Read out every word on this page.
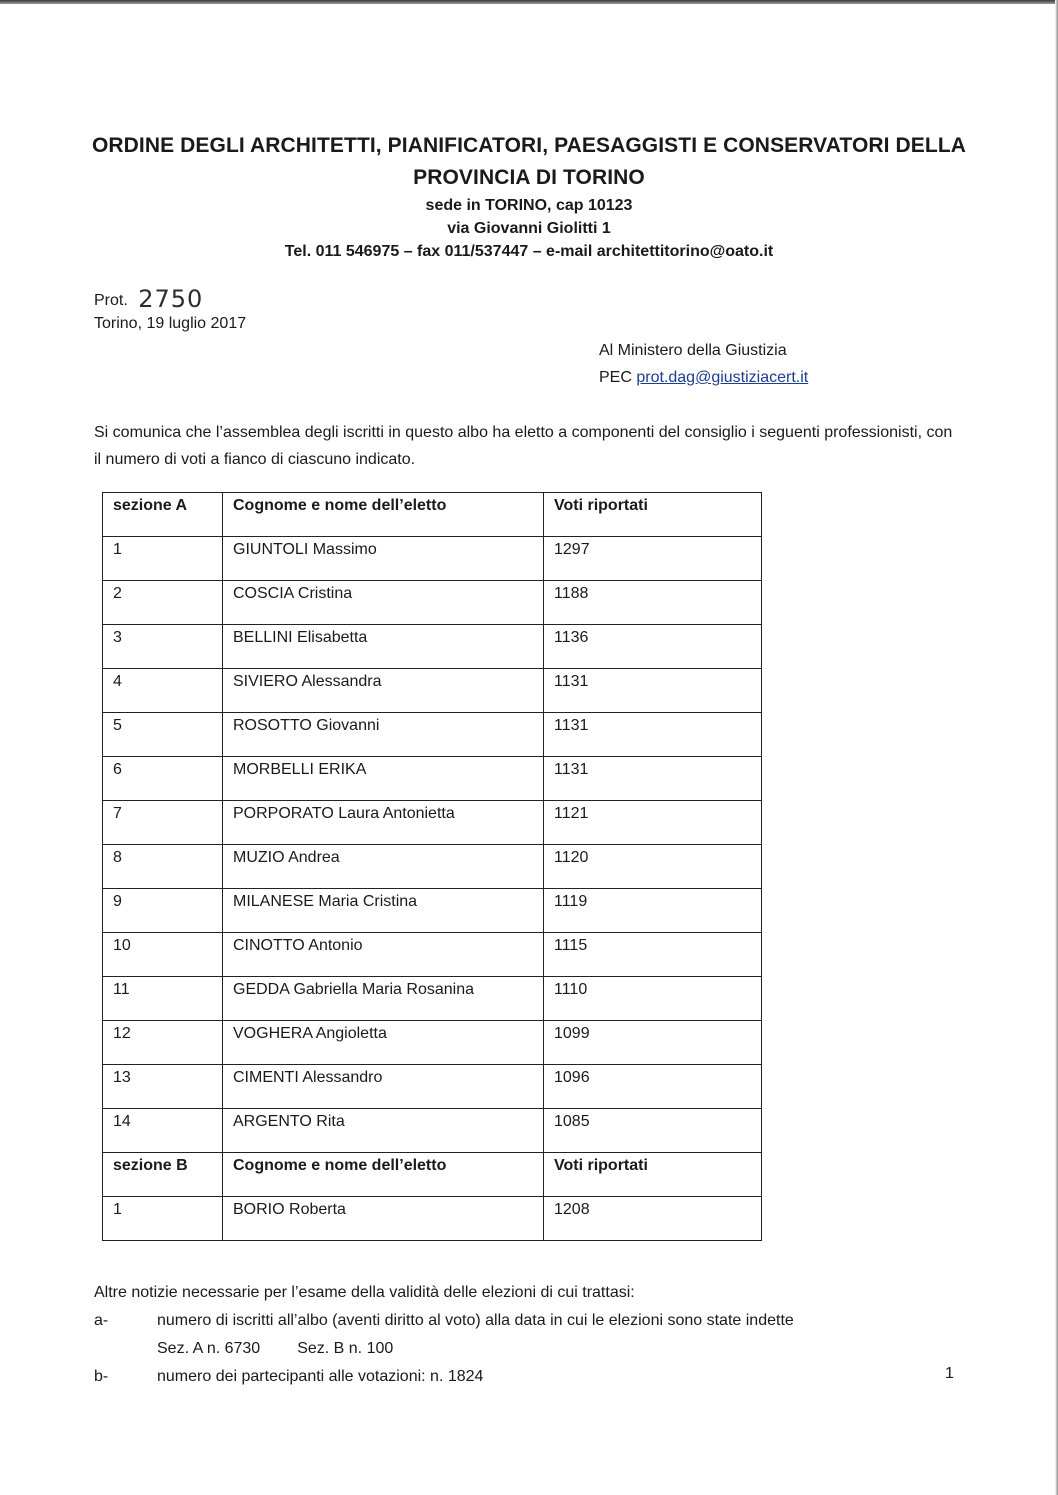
ORDINE DEGLI ARCHITETTI, PIANIFICATORI, PAESAGGISTI E CONSERVATORI DELLA

PROVINCIA DI TORINO

sede in TORINO, cap 10123

via Giovanni Giolitti 1

Tel. 011 546975 – fax 011/537447 – e-mail architettitorino@oato.it

Prot. 2750
Torino, 19 luglio 2017
Al Ministero della Giustizia
PEC prot.dag@giustiziacert.it
Si comunica che l’assemblea degli iscritti in questo albo ha eletto a componenti del consiglio i seguenti professionisti, con il numero di voti a fianco di ciascuno indicato.
sezione A	Cognome e nome dell’eletto	Voti riportati
1	GIUNTOLI Massimo	1297
2	COSCIA Cristina	1188
3	BELLINI Elisabetta	1136
4	SIVIERO Alessandra	1131
5	ROSOTTO Giovanni	1131
6	MORBELLI ERIKA	1131
7	PORPORATO Laura Antonietta	1121
8	MUZIO Andrea	1120
9	MILANESE Maria Cristina	1119
10	CINOTTO Antonio	1115
11	GEDDA Gabriella Maria Rosanina	1110
12	VOGHERA Angioletta	1099
13	CIMENTI Alessandro	1096
14	ARGENTO Rita	1085
sezione B	Cognome e nome dell’eletto	Voti riportati
1	BORIO Roberta	1208
Altre notizie necessarie per l’esame della validità delle elezioni di cui trattasi:
a-	numero di iscritti all’albo (aventi diritto al voto) alla data in cui le elezioni sono state indette
Sez. A n. 6730 Sez. B n. 100
b-	numero dei partecipanti alle votazioni: n. 1824	1
